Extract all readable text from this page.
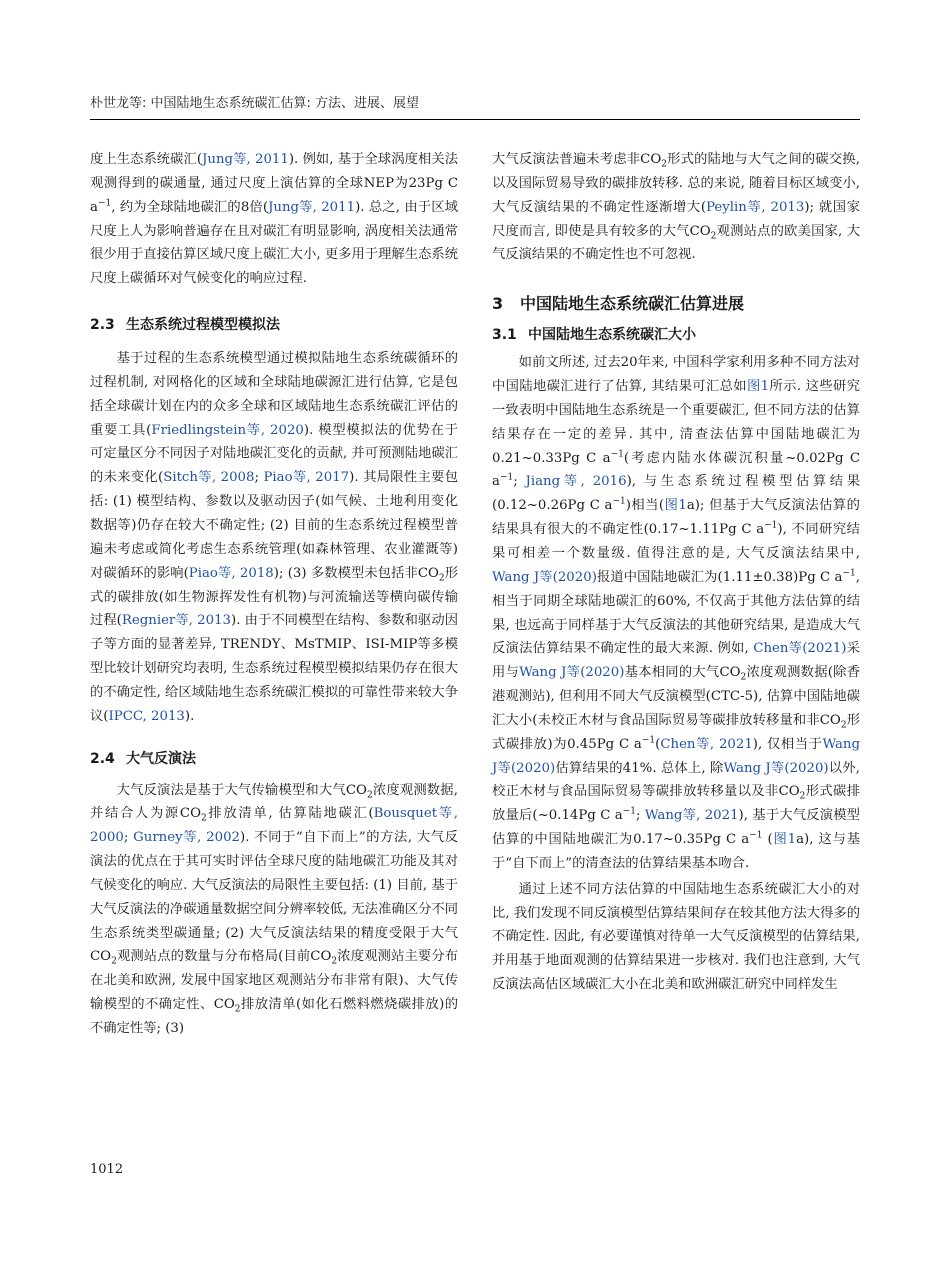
朴世龙等: 中国陆地生态系统碳汇估算: 方法、进展、展望

度上生态系统碳汇(Jung等, 2011). 例如, 基于全球涡度相关法观测得到的碳通量, 通过尺度上演估算的全球NEP为23Pg C $a^{-1}$, 约为全球陆地碳汇的8倍(Jung等, 2011). 总之, 由于区域尺度上人为影响普遍存在且对碳汇有明显影响, 涡度相关法通常很少用于直接估算区域尺度上碳汇大小, 更多用于理解生态系统尺度上碳循环对气候变化的响应过程.

2.3 生态系统过程模型模拟法

基于过程的生态系统模型通过模拟陆地生态系统碳循环的过程机制, 对网格化的区域和全球陆地碳源汇进行估算, 它是包括全球碳计划在内的众多全球和区域陆地生态系统碳汇评估的重要工具(Friedlingstein等, 2020). 模型模拟法的优势在于可定量区分不同因子对陆地碳汇变化的贡献, 并可预测陆地碳汇的未来变化(Sitch等, 2008; Piao等, 2017). 其局限性主要包括: (1) 模型结构、参数以及驱动因子(如气候、土地利用变化数据等)仍存在较大不确定性; (2) 目前的生态系统过程模型普遍未考虑或简化考虑生态系统管理(如森林管理、农业灌溉等)对碳循环的影响(Piao等, 2018); (3) 多数模型未包括非$CO_2$形式的碳排放(如生物源挥发性有机物)与河流输送等横向碳传输过程(Regnier等, 2013). 由于不同模型在结构、参数和驱动因子等方面的显著差异, TRENDY、MsTMIP、ISI-MIP等多模型比较计划研究均表明, 生态系统过程模型模拟结果仍存在很大的不确定性, 给区域陆地生态系统碳汇模拟的可靠性带来较大争议(IPCC, 2013).

2.4 大气反演法

大气反演法是基于大气传输模型和大气$CO_2$浓度观测数据, 并结合人为源$CO_2$排放清单, 估算陆地碳汇(Bousquet等, 2000; Gurney等, 2002). 不同于“自下而上”的方法, 大气反演法的优点在于其可实时评估全球尺度的陆地碳汇功能及其对气候变化的响应. 大气反演法的局限性主要包括: (1) 目前, 基于大气反演法的净碳通量数据空间分辨率较低, 无法准确区分不同生态系统类型碳通量; (2) 大气反演法结果的精度受限于大气$CO_2$观测站点的数量与分布格局(目前$CO_2$浓度观测站主要分布在北美和欧洲, 发展中国家地区观测站分布非常有限)、大气传输模型的不确定性、$CO_2$排放清单(如化石燃料燃烧碳排放)的不确定性等; (3)

大气反演法普遍未考虑非$CO_2$形式的陆地与大气之间的碳交换, 以及国际贸易导致的碳排放转移. 总的来说, 随着目标区域变小, 大气反演结果的不确定性逐渐增大(Peylin等, 2013); 就国家尺度而言, 即使是具有较多的大气$CO_2$观测站点的欧美国家, 大气反演结果的不确定性也不可忽视.

3 中国陆地生态系统碳汇估算进展
3.1 中国陆地生态系统碳汇大小

如前文所述, 过去20年来, 中国科学家利用多种不同方法对中国陆地碳汇进行了估算, 其结果可汇总如图1所示. 这些研究一致表明中国陆地生态系统是一个重要碳汇, 但不同方法的估算结果存在一定的差异. 其中, 清查法估算中国陆地碳汇为0.21~0.33Pg C $a^{-1}$(考虑内陆水体碳沉积量~0.02Pg C $a^{-1}$; Jiang等, 2016), 与生态系统过程模型估算结果(0.12~0.26Pg C $a^{-1}$)相当(图1a); 但基于大气反演法估算的结果具有很大的不确定性(0.17~1.11Pg C $a^{-1}$), 不同研究结果可相差一个数量级. 值得注意的是, 大气反演法结果中, Wang J等(2020)报道中国陆地碳汇为(1.11±0.38)Pg C $a^{-1}$, 相当于同期全球陆地碳汇的60%, 不仅高于其他方法估算的结果, 也远高于同样基于大气反演法的其他研究结果, 是造成大气反演法估算结果不确定性的最大来源. 例如, Chen等(2021)采用与Wang J等(2020)基本相同的大气$CO_2$浓度观测数据(除香港观测站), 但利用不同大气反演模型(CTC-5), 估算中国陆地碳汇大小(未校正木材与食品国际贸易等碳排放转移量和非$CO_2$形式碳排放)为0.45Pg C $a^{-1}(Chen$等, 2021), 仅相当于Wang J等(2020)估算结果的41%. 总体上, 除Wang J等(2020)以外, 校正木材与食品国际贸易等碳排放转移量以及非$CO_2$形式碳排放量后(~0.14Pg C $a^{-1}$; Wang等, 2021), 基于大气反演模型估算的中国陆地碳汇为0.17~0.35Pg C $a^{-1}$ (图1a), 这与基于“自下而上”的清查法的估算结果基本吻合.

通过上述不同方法估算的中国陆地生态系统碳汇大小的对比, 我们发现不同反演模型估算结果间存在较其他方法大得多的不确定性. 因此, 有必要谨慎对待单一大气反演模型的估算结果, 并用基于地面观测的估算结果进一步核对. 我们也注意到, 大气反演法高估区域碳汇大小在北美和欧洲碳汇研究中同样发生

1012
